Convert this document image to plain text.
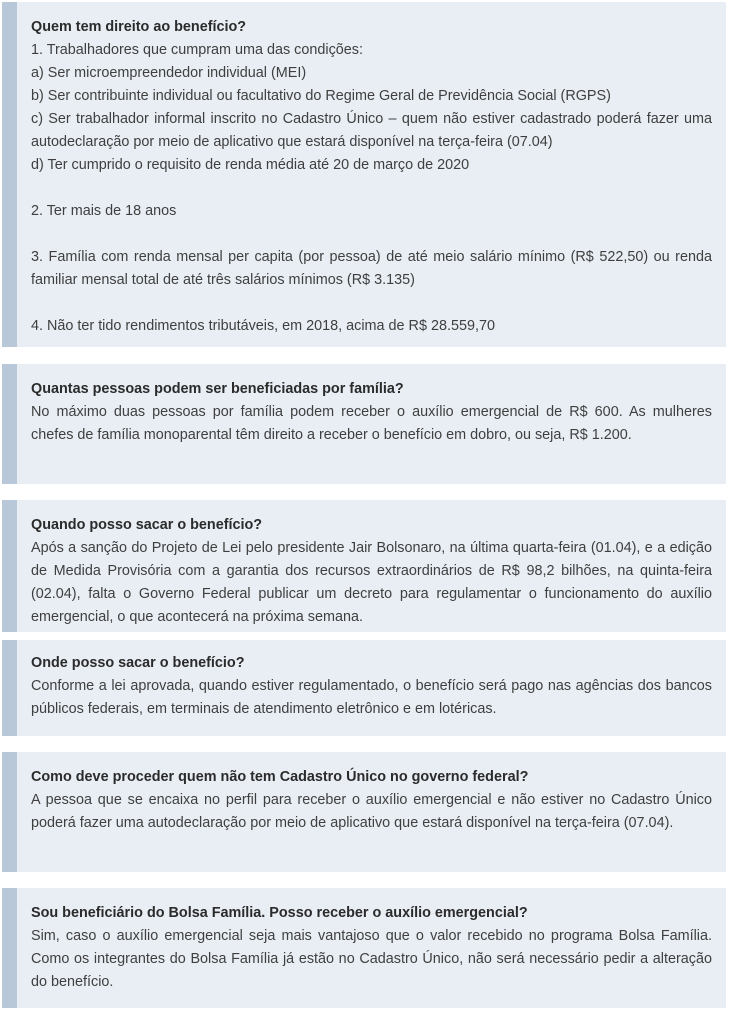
Quem tem direito ao benefício?

1. Trabalhadores que cumpram uma das condições:

a) Ser microempreendedor individual (MEI)

b) Ser contribuinte individual ou facultativo do Regime Geral de Previdência Social (RGPS)

c) Ser trabalhador informal inscrito no Cadastro Único – quem não estiver cadastrado poderá fazer uma autodeclaração por meio de aplicativo que estará disponível na terça-feira (07.04)

d) Ter cumprido o requisito de renda média até 20 de março de 2020

2. Ter mais de 18 anos

3. Família com renda mensal per capita (por pessoa) de até meio salário mínimo (R$ 522,50) ou renda familiar mensal total de até três salários mínimos (R$ 3.135)

4. Não ter tido rendimentos tributáveis, em 2018, acima de R$ 28.559,70

Quantas pessoas podem ser beneficiadas por família?

No máximo duas pessoas por família podem receber o auxílio emergencial de R$ 600. As mulheres chefes de família monoparental têm direito a receber o benefício em dobro, ou seja, R$ 1.200.

Quando posso sacar o benefício?

Após a sanção do Projeto de Lei pelo presidente Jair Bolsonaro, na última quarta-feira (01.04), e a edição de Medida Provisória com a garantia dos recursos extraordinários de R$ 98,2 bilhões, na quinta-feira (02.04), falta o Governo Federal publicar um decreto para regulamentar o funcionamento do auxílio emergencial, o que acontecerá na próxima semana.

Onde posso sacar o benefício?

Conforme a lei aprovada, quando estiver regulamentado, o benefício será pago nas agências dos bancos públicos federais, em terminais de atendimento eletrônico e em lotéricas.

Como deve proceder quem não tem Cadastro Único no governo federal?

A pessoa que se encaixa no perfil para receber o auxílio emergencial e não estiver no Cadastro Único poderá fazer uma autodeclaração por meio de aplicativo que estará disponível na terça-feira (07.04).

Sou beneficiário do Bolsa Família. Posso receber o auxílio emergencial?

Sim, caso o auxílio emergencial seja mais vantajoso que o valor recebido no programa Bolsa Família. Como os integrantes do Bolsa Família já estão no Cadastro Único, não será necessário pedir a alteração do benefício.
